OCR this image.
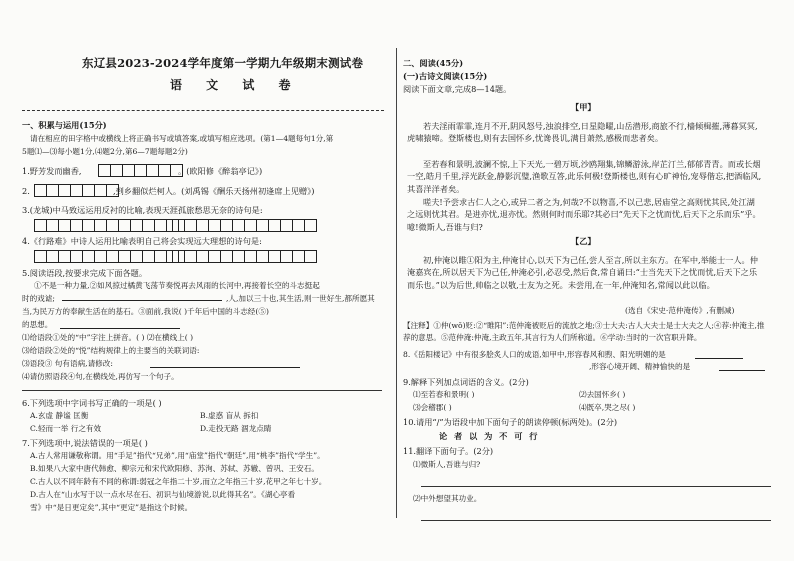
东辽县2023-2024学年度第一学期九年级期末测试卷
语 文 试 卷
一、积累与运用(15分)
请在相应的田字格中或横线上将正确书写或填答案,或填写相应选项。(第1—4题每句1分,第
5题⑴—⑶每小题1分,⑷题2分,第6—7题每题2分)
1.野芳发而幽香,	。(欧阳修《醉翁亭记》)
2.	,到乡翻似烂柯人。(刘禹锡《酬乐天扬州初逢席上见赠》)
3.(龙城)中马致远运用反衬的比喻,表现天涯孤旅愁思无奈的诗句是:
4.《行路难》中诗人运用比喻表明自己将会实现远大理想的诗句是:
5.阅读语段,按要求完成下面各题。
①不是一种力量,②如风掠过橘黄飞荡节奏悦再去风雨的长河中,再接着长空的斗志挺起
时的戏谑;	,人,加以三十也,其生活,则一世好生,都所愿其
当,为民万方的奉献生活在的基石。③面前,我说( )千年后中国的斗志经(⑤)
的思想。
⑴给语段①处的“中”字注上拼音。( ) ⑵在横线上( )
⑶给语段②处的“悦”结构规律上的主要当的关联词语:
⑶语段③ 句有语病,请修改:
⑷请仿照语段④句,在横线处,再仿写一个句子。
6.下列选项中字词书写正确的一项是( )
A.玄虚 静谧 匡衡	B.虚惑 盲从 拆扣
C.轻而一举 行之有效	D.走投无路 涸龙点睛
7.下列选项中,说法错误的一项是( )
A.古人常用谦敬称谓。用“手足”指代“兄弟”,用“庙堂”指代“朝廷”,用“桃李”指代“学生”。
B.如果八大家中唐代韩愈、柳宗元和宋代欧阳修、苏洵、苏轼、苏辙、曾巩、王安石。
C.古人以不同年龄有不同的称谓:弱冠之年指二十岁,而立之年指三十岁,花甲之年七十岁。
D.古人在“山水写于以一点水尽在石、初识与仙境游说,以此得其名”。《湖心亭看
雪》中“是日更定矣”,其中“更定”是指这个时候。
二、阅读(45分)
(一)古诗文阅读(15分)
阅读下面文章,完成8—14题。
【甲】
若夫淫雨霏霏,连月不开,阴风怒号,浊浪排空,日星隐曜,山岳潜形,商旅不行,樯倾楫摧,薄暮冥冥,虎啸猿啼。登斯楼也,则有去国怀乡,忧谗畏讥,满目萧然,感极而悲者矣。
至若春和景明,波澜不惊,上下天光,一碧万顷,沙鸥翔集,锦鳞游泳,岸芷汀兰,郁郁青青。而或长烟一空,皓月千里,浮光跃金,静影沉璧,渔歌互答,此乐何极!登斯楼也,则有心旷神怡,宠辱偕忘,把酒临风,其喜洋洋者矣。
嗟夫!予尝求古仁人之心,或异二者之为,何哉?不以物喜,不以己悲,居庙堂之高则忧其民,处江湖之远则忧其君。是进亦忧,退亦忧。然则何时而乐耶?其必曰“先天下之忧而忧,后天下之乐而乐”乎。噫!微斯人,吾谁与归?
【乙】
初,仲淹以睢①阳为主,仲淹甘心,以天下为己任,尝人至言,所以主东方。在军中,举能士一人。仲淹嘉宾在,所以居天下为己任,仲淹必引,必忍受,然后食,常自诵曰:“士当先天下之忧而忧,后天下之乐而乐也。”以为后世,帅临之以敬,士友为之死。未尝用,在一年,仲淹知名,常闻以此以临。
(选自《宋史·范仲淹传》,有删减)
【注释】①仲(wǒ)贬:②“睢阳”:范仲淹被贬后的流放之地;③士大夫:古人大夫士是士大夫之人;④荐:仲淹主,推荐的意思。⑤范仲淹:仲淹,主政五年,其言行为人们所称道。⑥学动:当时的一次官职升降。
8.《岳阳楼记》中有很多脍炙人口的成语,如甲中,形容春风和煦、阳光明媚的是
,形容心境开阔、精神愉快的是
9.解释下列加点词语的含义。(2分)
⑴至若春和景明( )	⑵去国怀乡( )
⑶会稽郡( )	⑷既卒,哭之尽( )
10.请用“/”为语段中加下面句子的朗读停顿(标两处)。(2分)
论 者 以 为 不 可 行
11.翻译下面句子。(2分)
⑴微斯人,吾谁与归?
⑵中外想望其功业。
